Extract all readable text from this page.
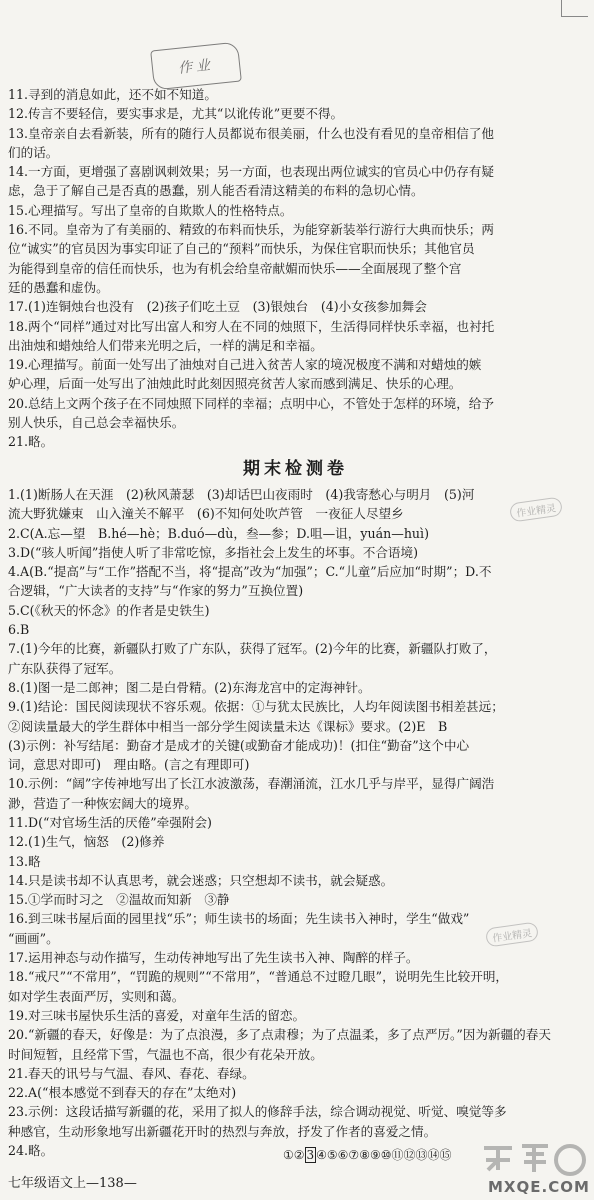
作业
11.寻到的消息如此，还不如不知道。
12.传言不要轻信，要实事求是，尤其“以讹传讹”更要不得。
13.皇帝亲自去看新装，所有的随行人员都说布很美丽，什么也没有看见的皇帝相信了他
们的话。
14.一方面，更增强了喜剧讽刺效果；另一方面，也表现出两位诚实的官员心中仍存有疑
虑，急于了解自己是否真的愚蠢，别人能否看清这精美的布料的急切心情。
15.心理描写。写出了皇帝的自欺欺人的性格特点。
16.不同。皇帝为了有美丽的、精致的布料而快乐，为能穿新装举行游行大典而快乐；两
位“诚实”的官员因为事实印证了自己的“预料”而快乐，为保住官职而快乐；其他官员
为能得到皇帝的信任而快乐，也为有机会给皇帝献媚而快乐——全面展现了整个宫
廷的愚蠢和虚伪。
17.(1)连铜烛台也没有　(2)孩子们吃土豆　(3)银烛台　(4)小女孩参加舞会
18.两个“同样”通过对比写出富人和穷人在不同的烛照下，生活得同样快乐幸福，也衬托
出油烛和蜡烛给人们带来光明之后，一样的满足和幸福。
19.心理描写。前面一处写出了油烛对自己进入贫苦人家的境况极度不满和对蜡烛的嫉
妒心理，后面一处写出了油烛此时此刻因照亮贫苦人家而感到满足、快乐的心理。
20.总结上文两个孩子在不同烛照下同样的幸福；点明中心，不管处于怎样的环境，给予
别人快乐，自己总会幸福快乐。
21.略。
期末检测卷
1.(1)断肠人在天涯　(2)秋风萧瑟　(3)却话巴山夜雨时　(4)我寄愁心与明月　(5)河
流大野犹嫌束　山入潼关不解平　(6)不知何处吹芦管　一夜征人尽望乡
2.C(A.忘—望　B.hé—hè；B.duó—dù，叁—参；D.咀—诅，yuán—huì)
3.D(“骇人听闻”指使人听了非常吃惊，多指社会上发生的坏事。不合语境)
4.A(B.“提高”与“工作”搭配不当，将“提高”改为“加强”；C.“儿童”后应加“时期”；D.不
合逻辑，“广大读者的支持”与“作家的努力”互换位置)
5.C(《秋天的怀念》的作者是史铁生)
6.B
7.(1)今年的比赛，新疆队打败了广东队，获得了冠军。(2)今年的比赛，新疆队打败了，
广东队获得了冠军。
8.(1)图一是二郎神；图二是白骨精。(2)东海龙宫中的定海神针。
9.(1)结论：国民阅读现状不容乐观。依据：①与犹太民族比，人均年阅读图书相差甚远；
②阅读量最大的学生群体中相当一部分学生阅读量未达《课标》要求。(2)E　B
(3)示例：补写结尾：勤奋才是成才的关键(或勤奋才能成功)！(扣住“勤奋”这个中心
词，意思对即可)　理由略。(言之有理即可)
10.示例：“阔”字传神地写出了长江水波激荡，春潮涌流，江水几乎与岸平，显得广阔浩
渺，营造了一种恢宏阔大的境界。
11.D(“对官场生活的厌倦”牵强附会)
12.(1)生气，恼怒　(2)修养
13.略
14.只是读书却不认真思考，就会迷惑；只空想却不读书，就会疑惑。
15.①学而时习之　②温故而知新　③静
16.到三味书屋后面的园里找“乐”；师生读书的场面；先生读书入神时，学生“做戏”
“画画”。
17.运用神态与动作描写，生动传神地写出了先生读书入神、陶醉的样子。
18.“戒尺”“不常用”，“罚跪的规则”“不常用”，“普通总不过瞪几眼”，说明先生比较开明，
如对学生表面严厉，实则和蔼。
19.对三味书屋快乐生活的喜爱，对童年生活的留恋。
20.“新疆的春天，好像是：为了点浪漫，多了点肃穆；为了点温柔，多了点严厉。”因为新疆的春天
时间短暂，且经常下雪，气温也不高，很少有花朵开放。
21.春天的讯号与气温、春风、春花、春绿。
22.A(“根本感觉不到春天的存在”太绝对)
23.示例：这段话描写新疆的花，采用了拟人的修辞手法，综合调动视觉、听觉、嗅觉等多
种感官，生动形象地写出新疆花开时的热烈与奔放，抒发了作者的喜爱之情。
24.略。
作业精灵
作业精灵
①② 3 ④⑤⑥⑦⑧⑨⑩⑪⑫⑬⑭⑮
七年级语文上—138—	MXQE.COM
